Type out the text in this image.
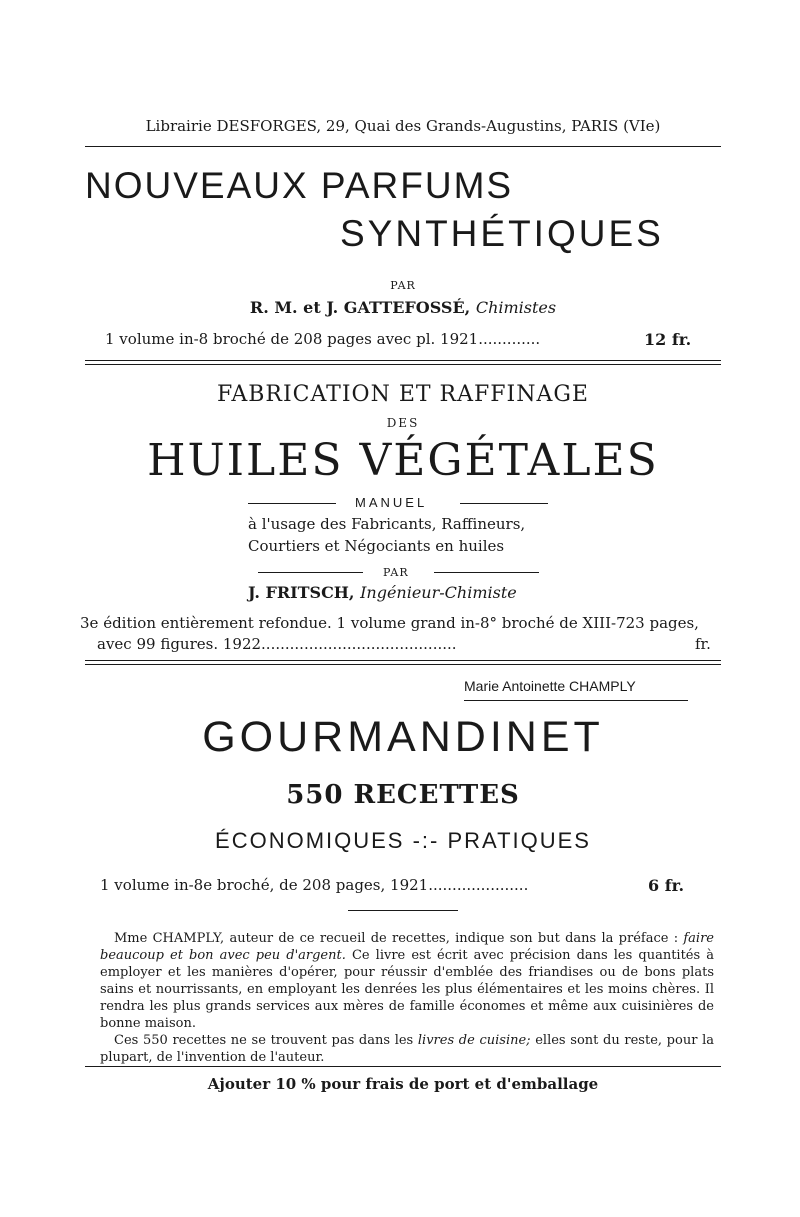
Librairie DESFORGES, 29, Quai des Grands-Augustins, PARIS (VIe)
NOUVEAUX PARFUMS
SYNTHÉTIQUES
PAR
R. M. et J. GATTEFOSSÉ, Chimistes
1 volume in-8 broché de 208 pages avec pl. 1921.............	12 fr.
FABRICATION ET RAFFINAGE
DES
HUILES VÉGÉTALES
MANUEL
à l'usage des Fabricants, Raffineurs,
Courtiers et Négociants en huiles
PAR
J. FRITSCH, Ingénieur-Chimiste
3e édition entièrement refondue. 1 volume grand in-8° broché de XIII-723 pages,
avec 99 figures. 1922.........................................	fr.
Marie Antoinette CHAMPLY
GOURMANDINET
550 RECETTES
ÉCONOMIQUES -:- PRATIQUES
1 volume in-8e broché, de 208 pages, 1921.....................	6 fr.

Mme CHAMPLY, auteur de ce recueil de recettes, indique son but dans la préface : faire beaucoup et bon avec peu d'argent. Ce livre est écrit avec précision dans les quantités à employer et les manières d'opérer, pour réussir d'emblée des friandises ou de bons plats sains et nourrissants, en employant les denrées les plus élémentaires et les moins chères. Il rendra les plus grands services aux mères de famille économes et même aux cuisinières de bonne maison.

Ces 550 recettes ne se trouvent pas dans les livres de cuisine; elles sont du reste, pour la plupart, de l'invention de l'auteur.

Ajouter 10 % pour frais de port et d'emballage
